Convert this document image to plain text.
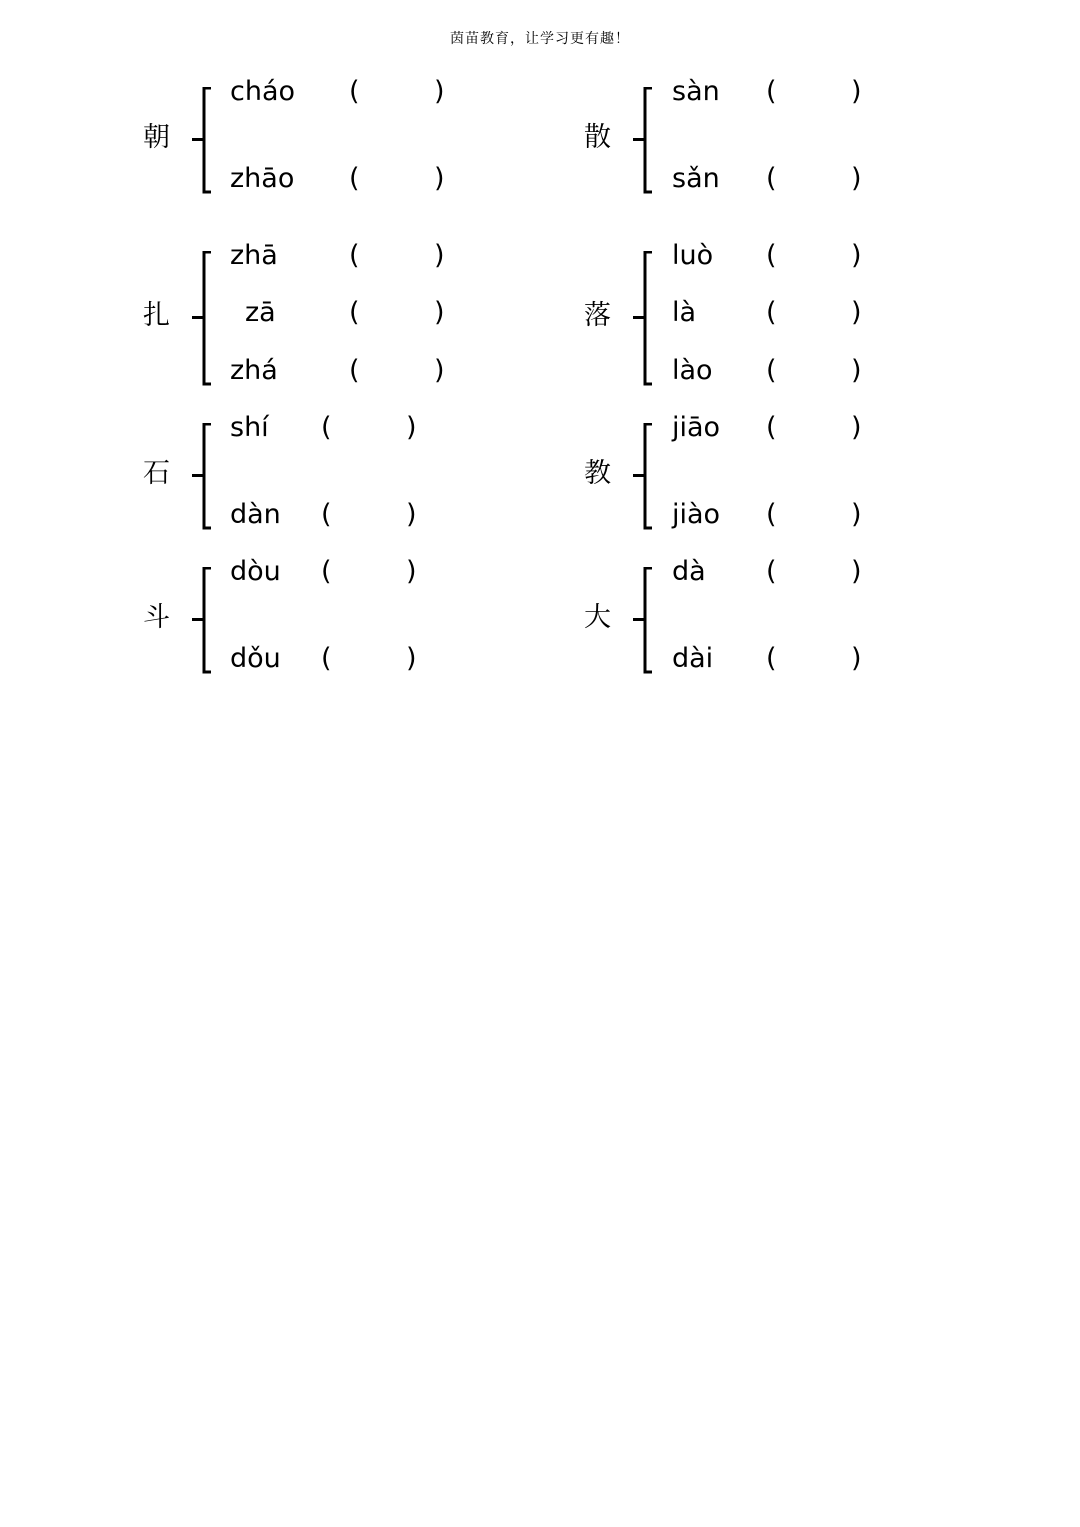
茵苗教育，让学习更有趣！
朝
cháo (	)
zhāo (	)
散
sàn (	)
sǎn (	)
扎
zhā	(	)
zā	(	)
zhá	(	)
落
luò (	)
là	(	)
lào (	)
石
shí (	)
dàn (	)
教
jiāo (	)
jiào (	)
斗
dòu (	)
dǒu (	)
大
dà (	)
dài (	)
